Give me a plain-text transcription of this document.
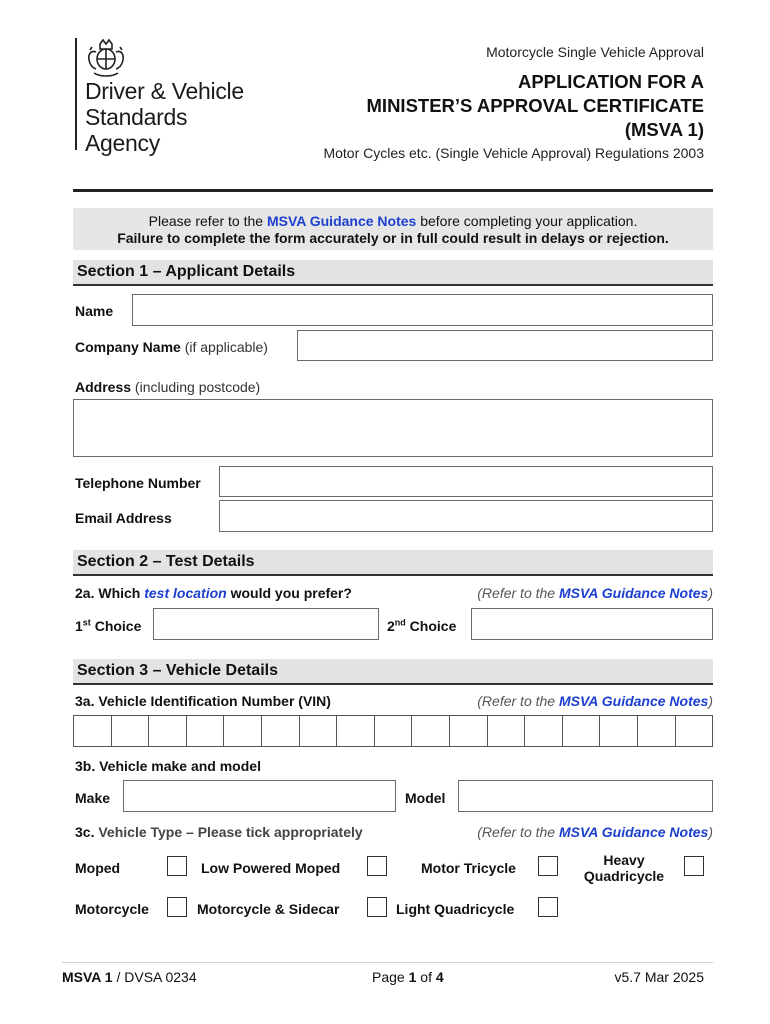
Driver & Vehicle
Standards
Agency
Motorcycle Single Vehicle Approval
APPLICATION FOR A
MINISTER’S APPROVAL CERTIFICATE
(MSVA 1)
Motor Cycles etc. (Single Vehicle Approval) Regulations 2003
Please refer to the MSVA Guidance Notes before completing your application.
Failure to complete the form accurately or in full could result in delays or rejection.
Section 1 – Applicant Details
Name
Company Name (if applicable)
Address (including postcode)
Telephone Number
Email Address
Section 2 – Test Details
2a. Which test location would you prefer?	(Refer to the MSVA Guidance Notes)
1st Choice	2nd Choice
Section 3 – Vehicle Details
3a. Vehicle Identification Number (VIN)	(Refer to the MSVA Guidance Notes)
3b. Vehicle make and model
Make	Model
3c. Vehicle Type – Please tick appropriately	(Refer to the MSVA Guidance Notes)
Moped	Low Powered Moped	Motor Tricycle	Heavy
Quadricycle
Motorcycle	Motorcycle & Sidecar	Light Quadricycle
MSVA 1 / DVSA 0234	Page 1 of 4	v5.7 Mar 2025
